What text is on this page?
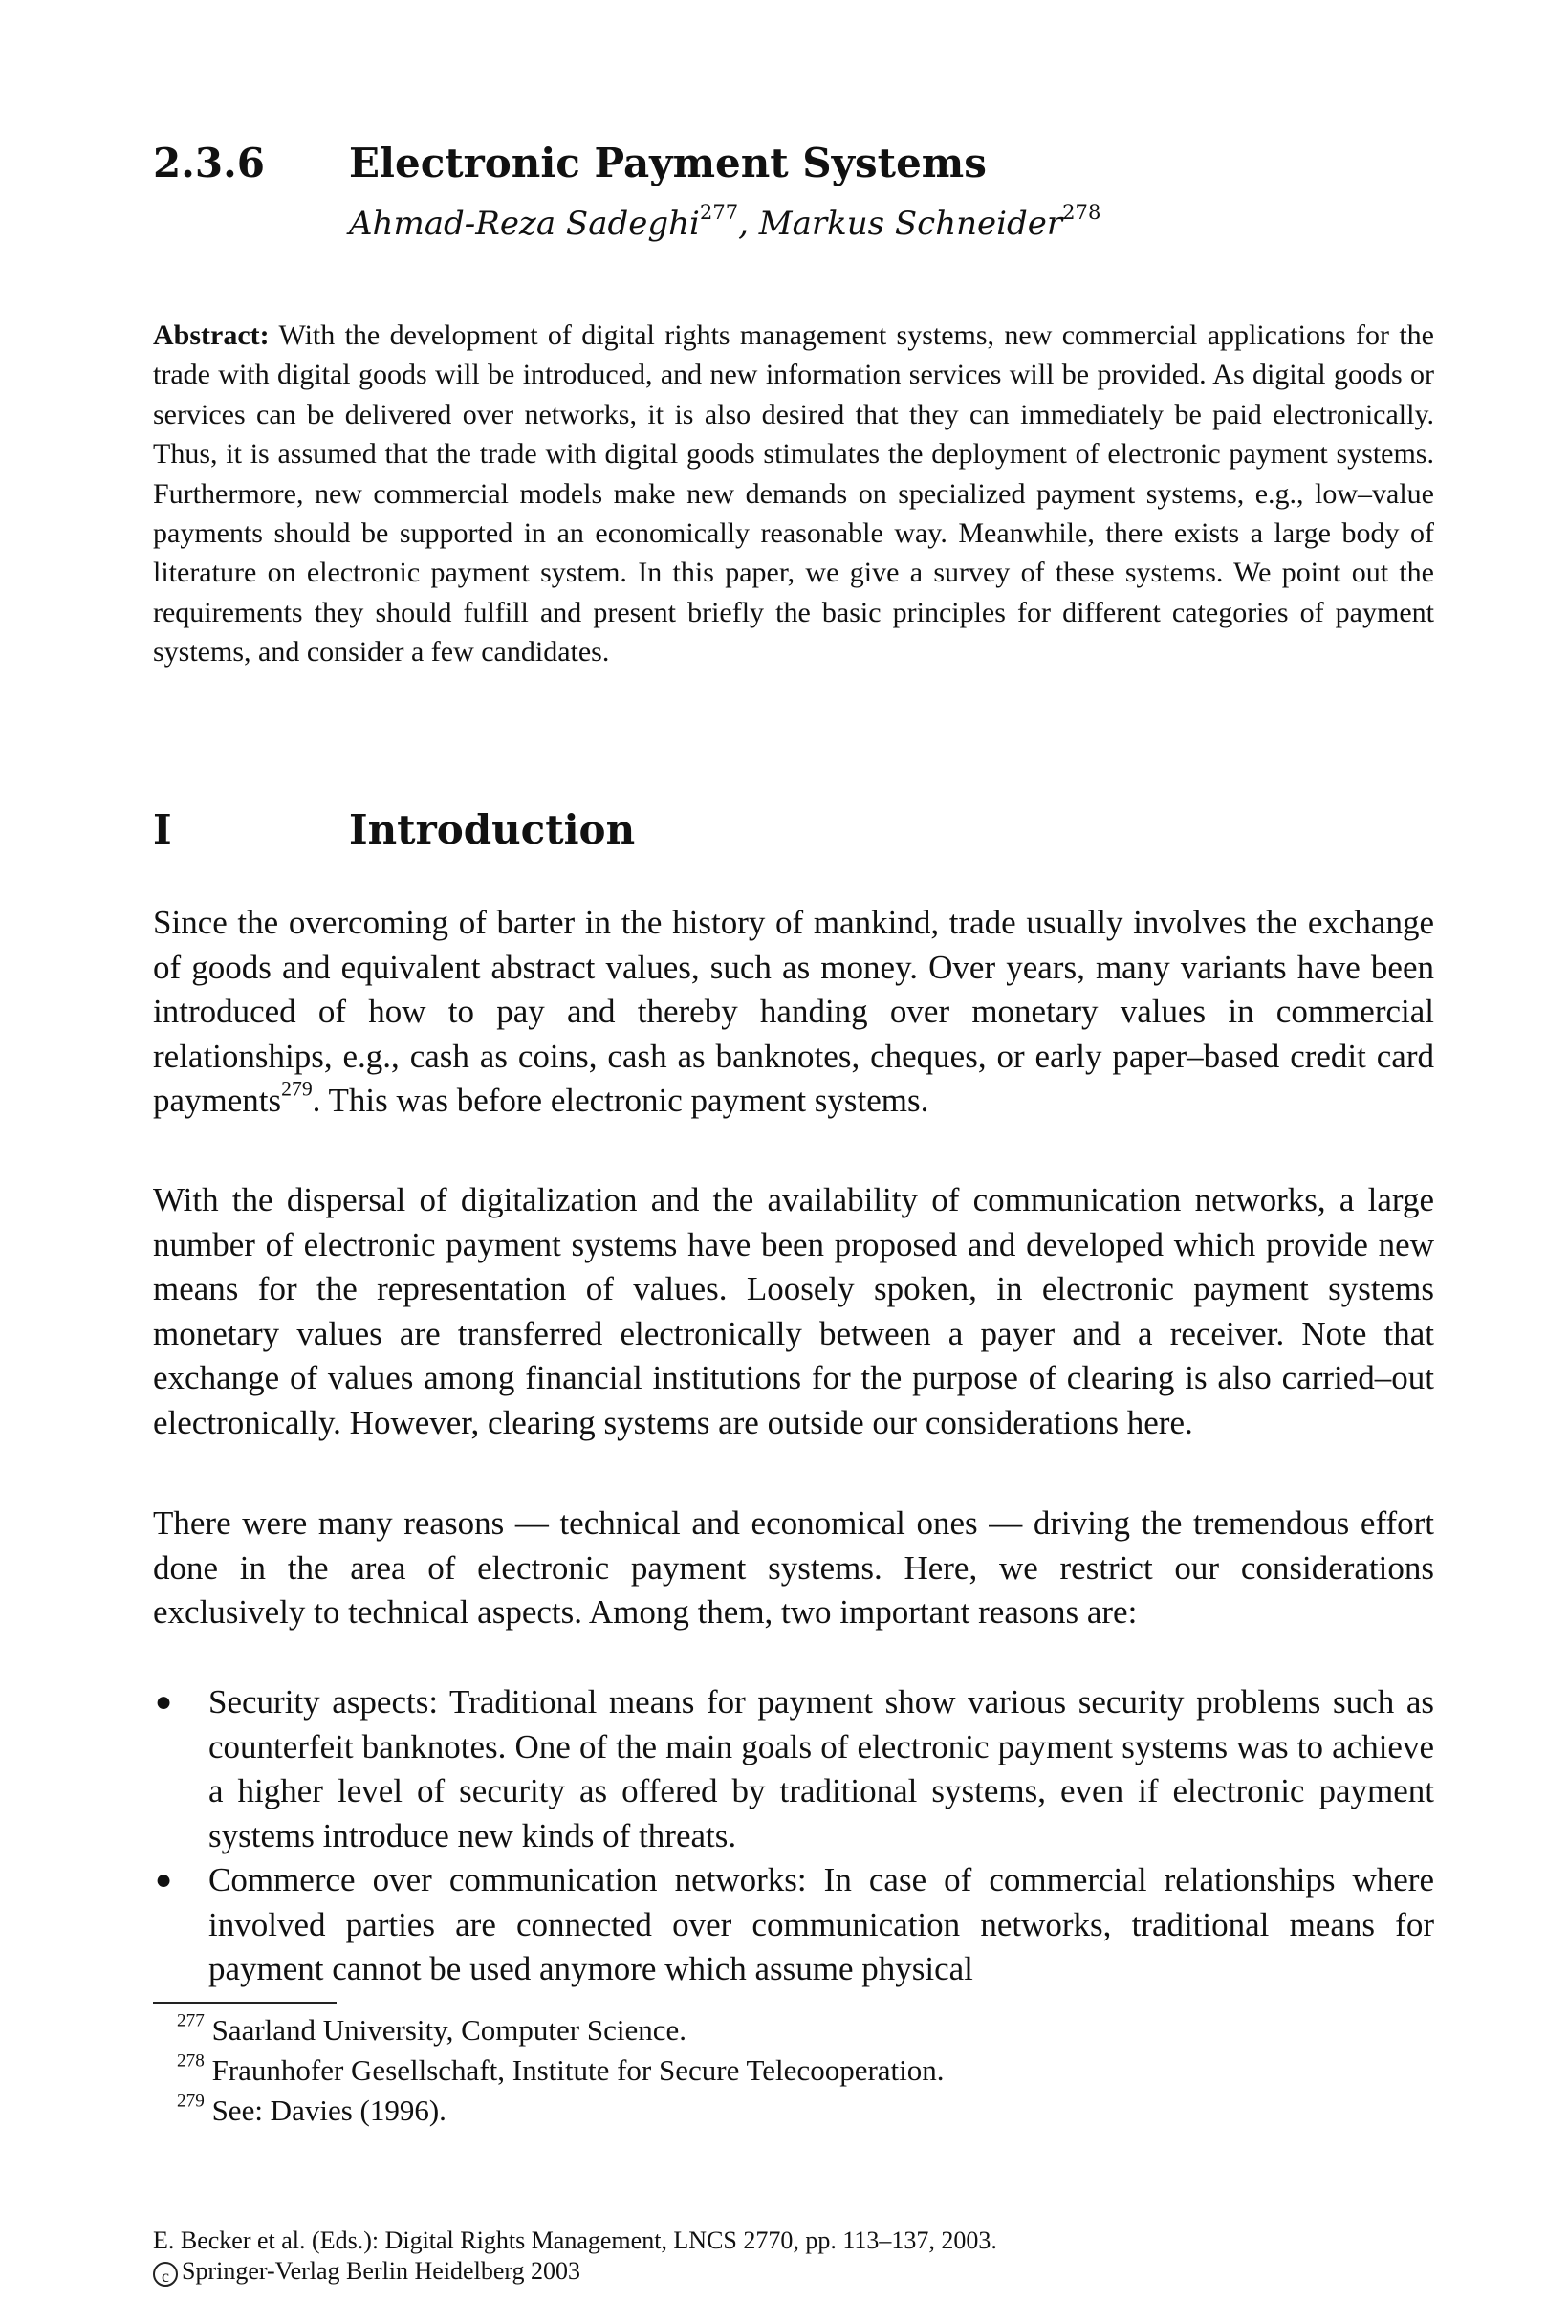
2.3.6 Electronic Payment Systems
Ahmad-Reza Sadeghi$^{277}$, Markus Schneider$^{278}$
Abstract: With the development of digital rights management systems, new commercial applications for the trade with digital goods will be introduced, and new information services will be provided. As digital goods or services can be delivered over networks, it is also desired that they can immediately be paid electronically. Thus, it is assumed that the trade with digital goods stimulates the deployment of electronic payment systems. Furthermore, new commercial models make new demands on specialized payment systems, e.g., low–value payments should be supported in an economically reasonable way. Meanwhile, there exists a large body of literature on electronic payment system. In this paper, we give a survey of these systems. We point out the requirements they should fulfill and present briefly the basic principles for different categories of payment systems, and consider a few candidates.
I	Introduction
Since the overcoming of barter in the history of mankind, trade usually involves the exchange of goods and equivalent abstract values, such as money. Over years, many variants have been introduced of how to pay and thereby handing over monetary values in commercial relationships, e.g., cash as coins, cash as banknotes, cheques, or early paper–based credit card payments$^{279}$. This was before electronic payment systems.
With the dispersal of digitalization and the availability of communication networks, a large number of electronic payment systems have been proposed and developed which provide new means for the representation of values. Loosely spoken, in electronic payment systems monetary values are transferred electronically between a payer and a receiver. Note that exchange of values among financial institutions for the purpose of clearing is also carried–out electronically. However, clearing systems are outside our considerations here.
There were many reasons — technical and economical ones — driving the tremendous effort done in the area of electronic payment systems. Here, we restrict our considerations exclusively to technical aspects. Among them, two important reasons are:
● Security aspects: Traditional means for payment show various security problems such as counterfeit banknotes. One of the main goals of electronic payment systems was to achieve a higher level of security as offered by traditional systems, even if electronic payment systems introduce new kinds of threats.
● Commerce over communication networks: In case of commercial relationships where involved parties are connected over communication networks, traditional means for payment cannot be used anymore which assume physical
$^{277}$ Saarland University, Computer Science.
$^{278}$ Fraunhofer Gesellschaft, Institute for Secure Telecooperation.
$^{279}$ See: Davies (1996).
E. Becker et al. (Eds.): Digital Rights Management, LNCS 2770, pp. 113–137, 2003.
c Springer-Verlag Berlin Heidelberg 2003
